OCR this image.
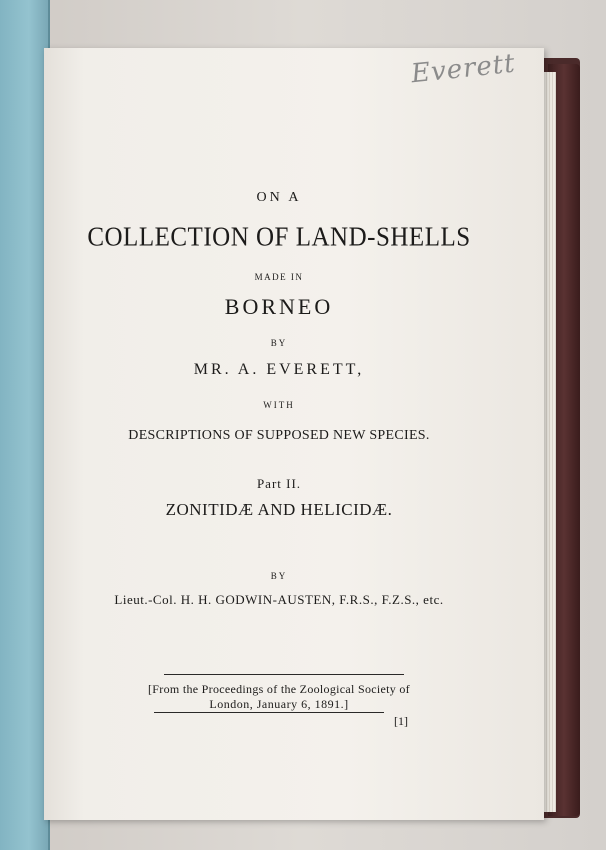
Everett
ON A
COLLECTION OF LAND-SHELLS
MADE IN
BORNEO
BY
MR. A. EVERETT,
WITH
DESCRIPTIONS OF SUPPOSED NEW SPECIES.
Part II.
ZONITIDÆ AND HELICIDÆ.
BY
Lieut.-Col. H. H. GODWIN-AUSTEN, F.R.S., F.Z.S., etc.
[From the Proceedings of the Zoological Society of
London, January 6, 1891.]
[1]
